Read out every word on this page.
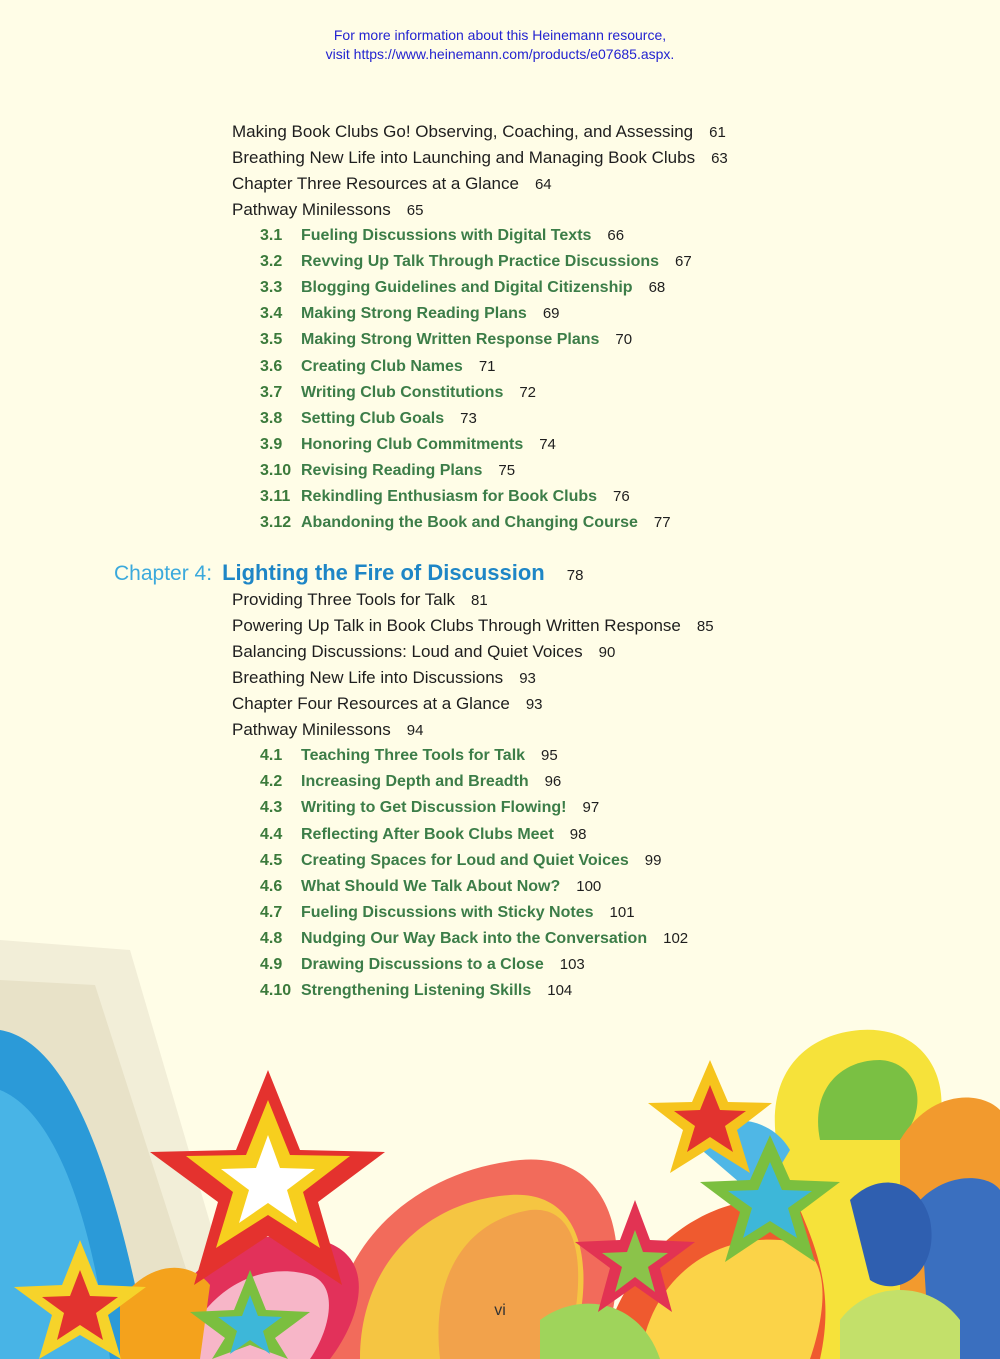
For more information about this Heinemann resource,
visit https://www.heinemann.com/products/e07685.aspx.
Making Book Clubs Go! Observing, Coaching, and Assessing 61
Breathing New Life into Launching and Managing Book Clubs 63
Chapter Three Resources at a Glance 64
Pathway Minilessons 65
3.1 Fueling Discussions with Digital Texts 66
3.2 Revving Up Talk Through Practice Discussions 67
3.3 Blogging Guidelines and Digital Citizenship 68
3.4 Making Strong Reading Plans 69
3.5 Making Strong Written Response Plans 70
3.6 Creating Club Names 71
3.7 Writing Club Constitutions 72
3.8 Setting Club Goals 73
3.9 Honoring Club Commitments 74
3.10 Revising Reading Plans 75
3.11 Rekindling Enthusiasm for Book Clubs 76
3.12 Abandoning the Book and Changing Course 77
Chapter 4: Lighting the Fire of Discussion 78
Providing Three Tools for Talk 81
Powering Up Talk in Book Clubs Through Written Response 85
Balancing Discussions: Loud and Quiet Voices 90
Breathing New Life into Discussions 93
Chapter Four Resources at a Glance 93
Pathway Minilessons 94
4.1 Teaching Three Tools for Talk 95
4.2 Increasing Depth and Breadth 96
4.3 Writing to Get Discussion Flowing! 97
4.4 Reflecting After Book Clubs Meet 98
4.5 Creating Spaces for Loud and Quiet Voices 99
4.6 What Should We Talk About Now? 100
4.7 Fueling Discussions with Sticky Notes 101
4.8 Nudging Our Way Back into the Conversation 102
4.9 Drawing Discussions to a Close 103
4.10 Strengthening Listening Skills 104
vi
